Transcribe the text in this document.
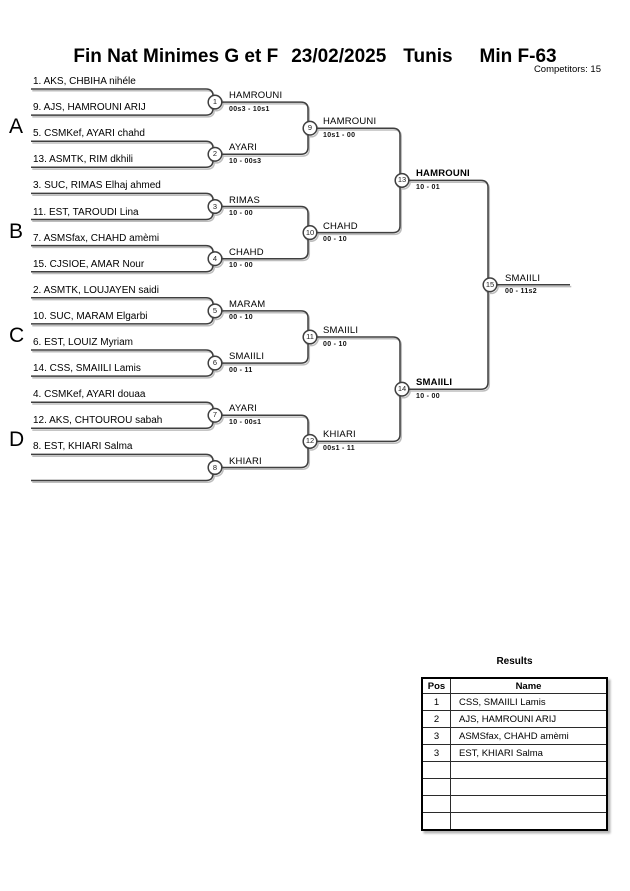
Fin Nat Minimes G et F 23/02/2025 Tunis Min F-63
Competitors: 15
A
B
C
D
1. AKS, CHBIHA nihéle
9. AJS, HAMROUNI ARIJ
5. CSMKef, AYARI chahd
13. ASMTK, RIM dkhili
3. SUC, RIMAS Elhaj ahmed
11. EST, TAROUDI Lina
7. ASMSfax, CHAHD amèmi
15. CJSIOE, AMAR Nour
2. ASMTK, LOUJAYEN saidi
10. SUC, MARAM Elgarbi
6. EST, LOUIZ Myriam
14. CSS, SMAIILI Lamis
4. CSMKef, AYARI douaa
12. AKS, CHTOUROU sabah
8. EST, KHIARI Salma
1
2
3
4
5
6
7
8
9
10
11
12
13
14
15
HAMROUNI
AYARI
RIMAS
CHAHD
MARAM
SMAIILI
AYARI
KHIARI
HAMROUNI
CHAHD
SMAIILI
KHIARI
HAMROUNI
SMAIILI
SMAIILI
00s3 - 10s1
10 - 00s3
10 - 00
10 - 00
00 - 10
00 - 11
10 - 00s1
10s1 - 00
00 - 10
00 - 10
00s1 - 11
10 - 01
10 - 00
00 - 11s2
Results
Pos	Name
1	CSS, SMAIILI Lamis
2	AJS, HAMROUNI ARIJ
3	ASMSfax, CHAHD amèmi
3	EST, KHIARI Salma
